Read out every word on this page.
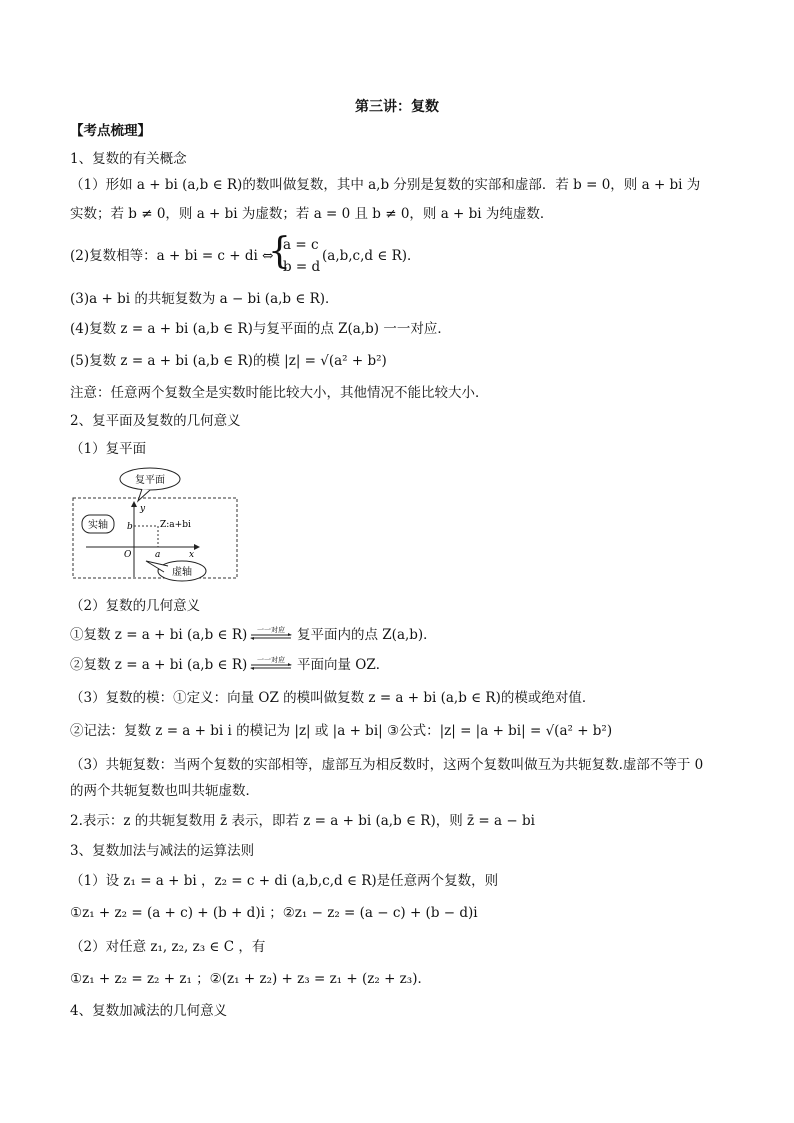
第三讲：复数
【考点梳理】
1、复数的有关概念
（1）形如 a + bi (a,b ∈ R)的数叫做复数，其中 a,b 分别是复数的实部和虚部．若 b = 0，则 a + bi 为
实数；若 b ≠ 0，则 a + bi 为虚数；若 a = 0 且 b ≠ 0，则 a + bi 为纯虚数．
(2)复数相等：a + bi = c + di ⇔
{
a = c
b = d
(a,b,c,d ∈ R)．
(3)a + bi 的共轭复数为 a − bi (a,b ∈ R)．
(4)复数 z = a + bi (a,b ∈ R)与复平面的点 Z(a,b) 一一对应．
(5)复数 z = a + bi (a,b ∈ R)的模 |z| = √(a² + b²)
注意：任意两个复数全是实数时能比较大小，其他情况不能比较大小．
2、复平面及复数的几何意义
（1）复平面
复平面
实轴
y
x
O
Z:a+bi
b
a
虚轴
（2）复数的几何意义
①复数 z = a + bi (a,b ∈ R) 一一对应 复平面内的点 Z(a,b)．
②复数 z = a + bi (a,b ∈ R) 一一对应 平面向量 OZ．
（3）复数的模：①定义：向量 OZ 的模叫做复数 z = a + bi (a,b ∈ R)的模或绝对值．
②记法：复数 z = a + bi i 的模记为 |z| 或 |a + bi| ③公式：|z| = |a + bi| = √(a² + b²)
（3）共轭复数：当两个复数的实部相等，虚部互为相反数时，这两个复数叫做互为共轭复数.虚部不等于 0
的两个共轭复数也叫共轭虚数．
2.表示：z 的共轭复数用 z̄ 表示，即若 z = a + bi (a,b ∈ R)，则 z̄ = a − bi
3、复数加法与减法的运算法则
（1）设 z₁ = a + bi ，z₂ = c + di (a,b,c,d ∈ R)是任意两个复数，则
①z₁ + z₂ = (a + c) + (b + d)i ；②z₁ − z₂ = (a − c) + (b − d)i
（2）对任意 z₁, z₂, z₃ ∈ C ，有
①z₁ + z₂ = z₂ + z₁ ；②(z₁ + z₂) + z₃ = z₁ + (z₂ + z₃)．
4、复数加减法的几何意义
